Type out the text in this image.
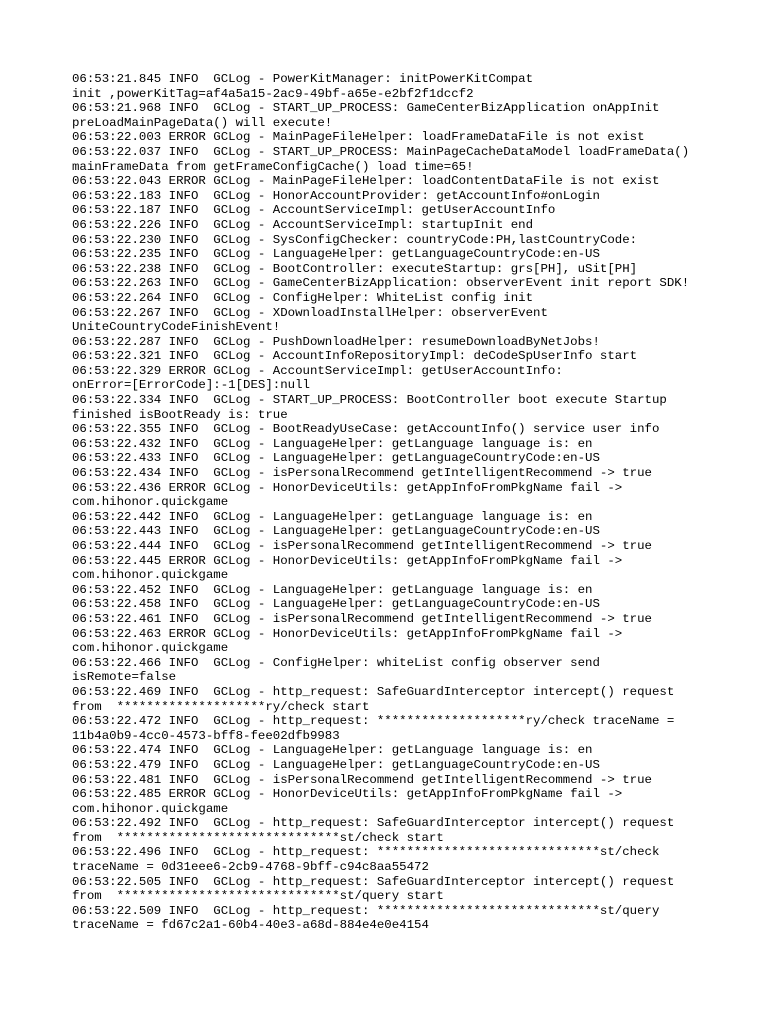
06:53:21.845 INFO  GCLog - PowerKitManager: initPowerKitCompat
init ,powerKitTag=af4a5a15-2ac9-49bf-a65e-e2bf2f1dccf2
06:53:21.968 INFO  GCLog - START_UP_PROCESS: GameCenterBizApplication onAppInit
preLoadMainPageData() will execute!
06:53:22.003 ERROR GCLog - MainPageFileHelper: loadFrameDataFile is not exist
06:53:22.037 INFO  GCLog - START_UP_PROCESS: MainPageCacheDataModel loadFrameData()
mainFrameData from getFrameConfigCache() load time=65!
06:53:22.043 ERROR GCLog - MainPageFileHelper: loadContentDataFile is not exist
06:53:22.183 INFO  GCLog - HonorAccountProvider: getAccountInfo#onLogin
06:53:22.187 INFO  GCLog - AccountServiceImpl: getUserAccountInfo
06:53:22.226 INFO  GCLog - AccountServiceImpl: startupInit end
06:53:22.230 INFO  GCLog - SysConfigChecker: countryCode:PH,lastCountryCode:
06:53:22.235 INFO  GCLog - LanguageHelper: getLanguageCountryCode:en-US
06:53:22.238 INFO  GCLog - BootController: executeStartup: grs[PH], uSit[PH]
06:53:22.263 INFO  GCLog - GameCenterBizApplication: observerEvent init report SDK!
06:53:22.264 INFO  GCLog - ConfigHelper: WhiteList config init
06:53:22.267 INFO  GCLog - XDownloadInstallHelper: observerEvent
UniteCountryCodeFinishEvent!
06:53:22.287 INFO  GCLog - PushDownloadHelper: resumeDownloadByNetJobs!
06:53:22.321 INFO  GCLog - AccountInfoRepositoryImpl: deCodeSpUserInfo start
06:53:22.329 ERROR GCLog - AccountServiceImpl: getUserAccountInfo:
onError=[ErrorCode]:-1[DES]:null
06:53:22.334 INFO  GCLog - START_UP_PROCESS: BootController boot execute Startup
finished isBootReady is: true
06:53:22.355 INFO  GCLog - BootReadyUseCase: getAccountInfo() service user info
06:53:22.432 INFO  GCLog - LanguageHelper: getLanguage language is: en
06:53:22.433 INFO  GCLog - LanguageHelper: getLanguageCountryCode:en-US
06:53:22.434 INFO  GCLog - isPersonalRecommend getIntelligentRecommend -> true
06:53:22.436 ERROR GCLog - HonorDeviceUtils: getAppInfoFromPkgName fail ->
com.hihonor.quickgame
06:53:22.442 INFO  GCLog - LanguageHelper: getLanguage language is: en
06:53:22.443 INFO  GCLog - LanguageHelper: getLanguageCountryCode:en-US
06:53:22.444 INFO  GCLog - isPersonalRecommend getIntelligentRecommend -> true
06:53:22.445 ERROR GCLog - HonorDeviceUtils: getAppInfoFromPkgName fail ->
com.hihonor.quickgame
06:53:22.452 INFO  GCLog - LanguageHelper: getLanguage language is: en
06:53:22.458 INFO  GCLog - LanguageHelper: getLanguageCountryCode:en-US
06:53:22.461 INFO  GCLog - isPersonalRecommend getIntelligentRecommend -> true
06:53:22.463 ERROR GCLog - HonorDeviceUtils: getAppInfoFromPkgName fail ->
com.hihonor.quickgame
06:53:22.466 INFO  GCLog - ConfigHelper: whiteList config observer send
isRemote=false
06:53:22.469 INFO  GCLog - http_request: SafeGuardInterceptor intercept() request
from  ********************ry/check start
06:53:22.472 INFO  GCLog - http_request: ********************ry/check traceName =
11b4a0b9-4cc0-4573-bff8-fee02dfb9983
06:53:22.474 INFO  GCLog - LanguageHelper: getLanguage language is: en
06:53:22.479 INFO  GCLog - LanguageHelper: getLanguageCountryCode:en-US
06:53:22.481 INFO  GCLog - isPersonalRecommend getIntelligentRecommend -> true
06:53:22.485 ERROR GCLog - HonorDeviceUtils: getAppInfoFromPkgName fail ->
com.hihonor.quickgame
06:53:22.492 INFO  GCLog - http_request: SafeGuardInterceptor intercept() request
from  ******************************st/check start
06:53:22.496 INFO  GCLog - http_request: ******************************st/check
traceName = 0d31eee6-2cb9-4768-9bff-c94c8aa55472
06:53:22.505 INFO  GCLog - http_request: SafeGuardInterceptor intercept() request
from  ******************************st/query start
06:53:22.509 INFO  GCLog - http_request: ******************************st/query
traceName = fd67c2a1-60b4-40e3-a68d-884e4e0e4154
